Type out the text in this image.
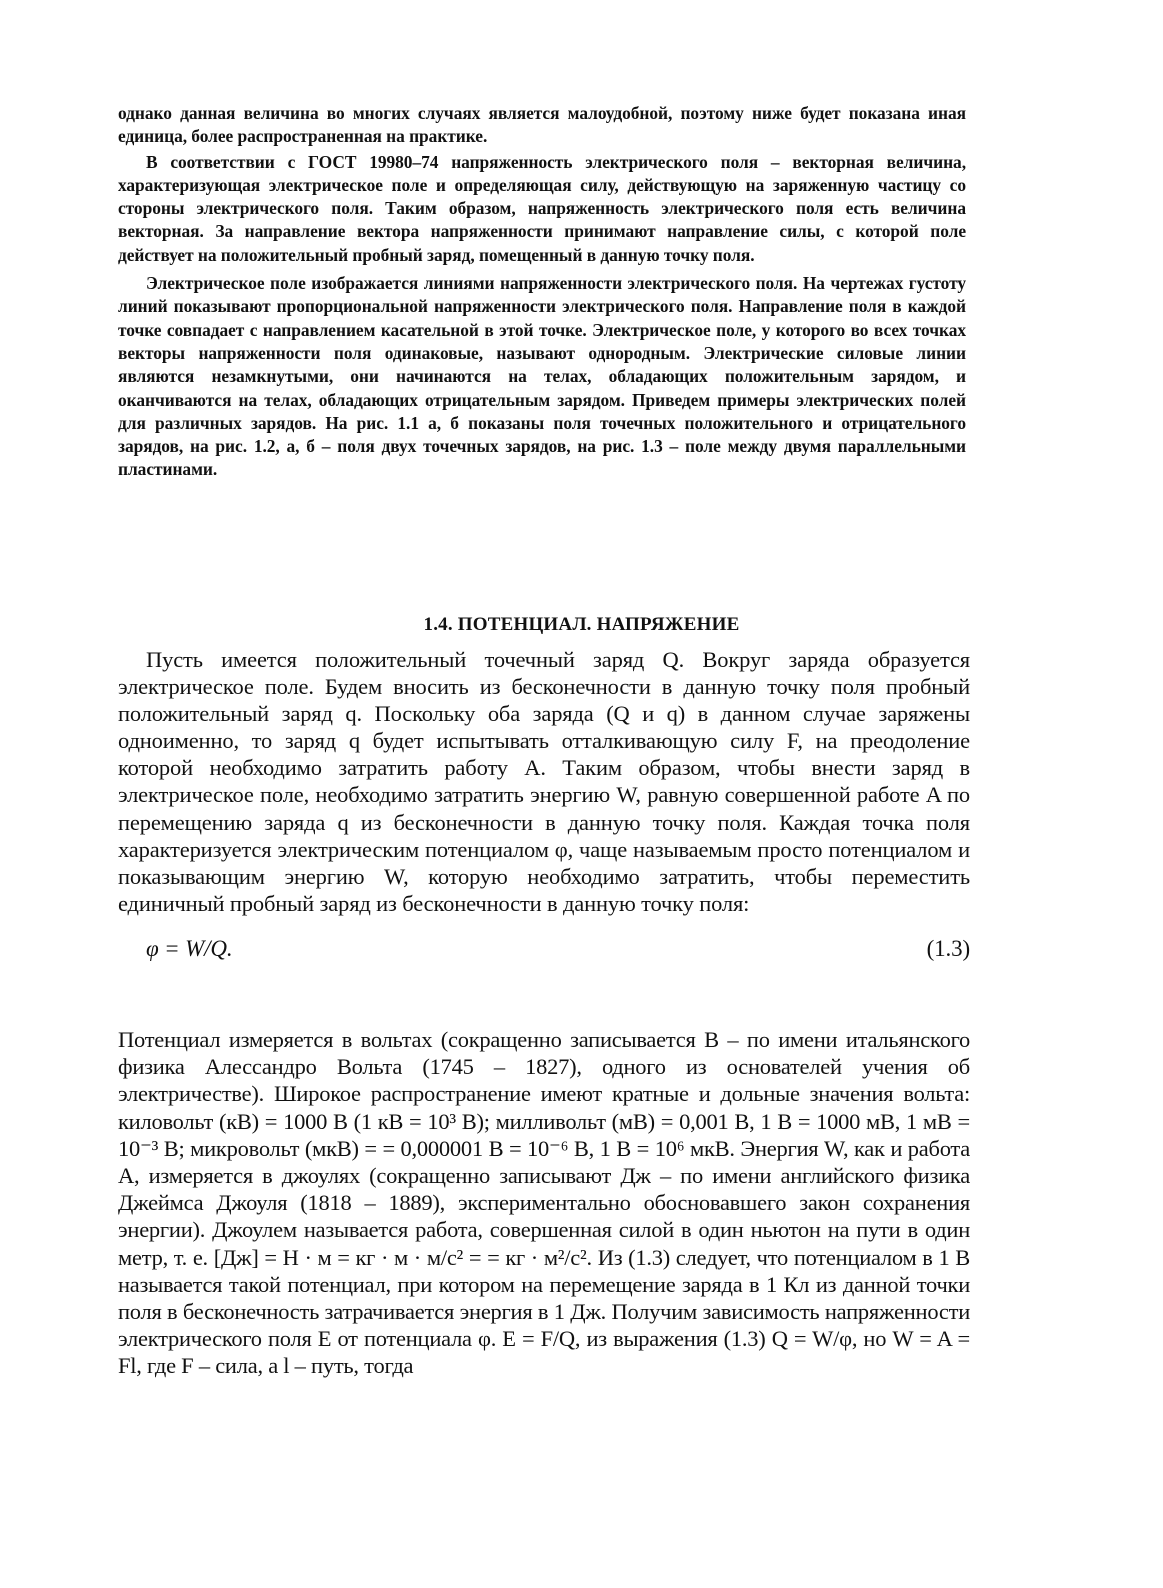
однако данная величина во многих случаях является малоудобной, поэтому ниже будет показана иная единица, более распространенная на практике.

В соответствии с ГОСТ 19980–74 напряженность электрического поля – векторная величина, характеризующая электрическое поле и определяющая силу, действующую на заряженную частицу со стороны электрического поля. Таким образом, напряженность электрического поля есть величина векторная. За направление вектора напряженности принимают направление силы, с которой поле действует на положительный пробный заряд, помещенный в данную точку поля.

Электрическое поле изображается линиями напряженности электрического поля. На чертежах густоту линий показывают пропорциональной напряженности электрического поля. Направление поля в каждой точке совпадает с направлением касательной в этой точке. Электрическое поле, у которого во всех точках векторы напряженности поля одинаковые, называют однородным. Электрические силовые линии являются незамкнутыми, они начинаются на телах, обладающих положительным зарядом, и оканчиваются на телах, обладающих отрицательным зарядом. Приведем примеры электрических полей для различных зарядов. На рис. 1.1 а, б показаны поля точечных положительного и отрицательного зарядов, на рис. 1.2, а, б – поля двух точечных зарядов, на рис. 1.3 – поле между двумя параллельными пластинами.

1.4. ПОТЕНЦИАЛ. НАПРЯЖЕНИЕ

Пусть имеется положительный точечный заряд Q. Вокруг заряда образуется электрическое поле. Будем вносить из бесконечности в данную точку поля пробный положительный заряд q. Поскольку оба заряда (Q и q) в данном случае заряжены одноименно, то заряд q будет испытывать отталкивающую силу F, на преодоление которой необходимо затратить работу A. Таким образом, чтобы внести заряд в электрическое поле, необходимо затратить энергию W, равную совершенной работе A по перемещению заряда q из бесконечности в данную точку поля. Каждая точка поля характеризуется электрическим потенциалом φ, чаще называемым просто потенциалом и показывающим энергию W, которую необходимо затратить, чтобы переместить единичный пробный заряд из бесконечности в данную точку поля:

φ = W/Q.	(1.3)

Потенциал измеряется в вольтах (сокращенно записывается В – по имени итальянского физика Алессандро Вольта (1745 – 1827), одного из основателей учения об электричестве). Широкое распространение имеют кратные и дольные значения вольта: киловольт (кВ) = 1000 В (1 кВ = 10³ В); милливольт (мВ) = 0,001 В, 1 В = 1000 мВ, 1 мВ = 10⁻³ В; микровольт (мкВ) = = 0,000001 В = 10⁻⁶ В, 1 В = 10⁶ мкВ. Энергия W, как и работа A, измеряется в джоулях (сокращенно записывают Дж – по имени английского физика Джеймса Джоуля (1818 – 1889), экспериментально обосновавшего закон сохранения энергии). Джоулем называется работа, совершенная силой в один ньютон на пути в один метр, т. е. [Дж] = Н · м = кг · м · м/с² = = кг · м²/с². Из (1.3) следует, что потенциалом в 1 В называется такой потенциал, при котором на перемещение заряда в 1 Кл из данной точки поля в бесконечность затрачивается энергия в 1 Дж. Получим зависимость напряженности электрического поля E от потенциала φ. E = F/Q, из выражения (1.3) Q = W/φ, но W = A = Fl, где F – сила, а l – путь, тогда
